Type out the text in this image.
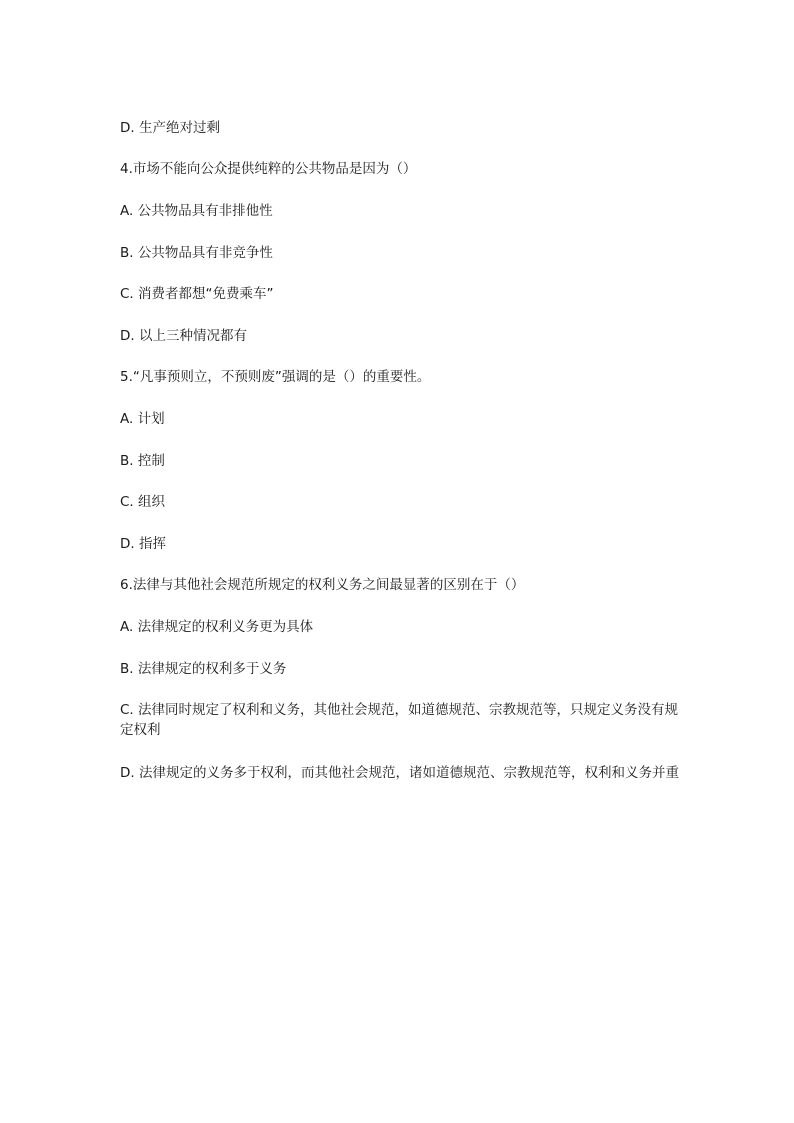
D. 生产绝对过剩
4.市场不能向公众提供纯粹的公共物品是因为（）
A. 公共物品具有非排他性
B. 公共物品具有非竞争性
C. 消费者都想“免费乘车”
D. 以上三种情况都有
5.“凡事预则立，不预则废”强调的是（）的重要性。
A. 计划
B. 控制
C. 组织
D. 指挥
6.法律与其他社会规范所规定的权利义务之间最显著的区别在于（）
A. 法律规定的权利义务更为具体
B. 法律规定的权利多于义务
C. 法律同时规定了权利和义务，其他社会规范，如道德规范、宗教规范等，只规定义务没有规定权利
D. 法律规定的义务多于权利，而其他社会规范，诸如道德规范、宗教规范等，权利和义务并重
